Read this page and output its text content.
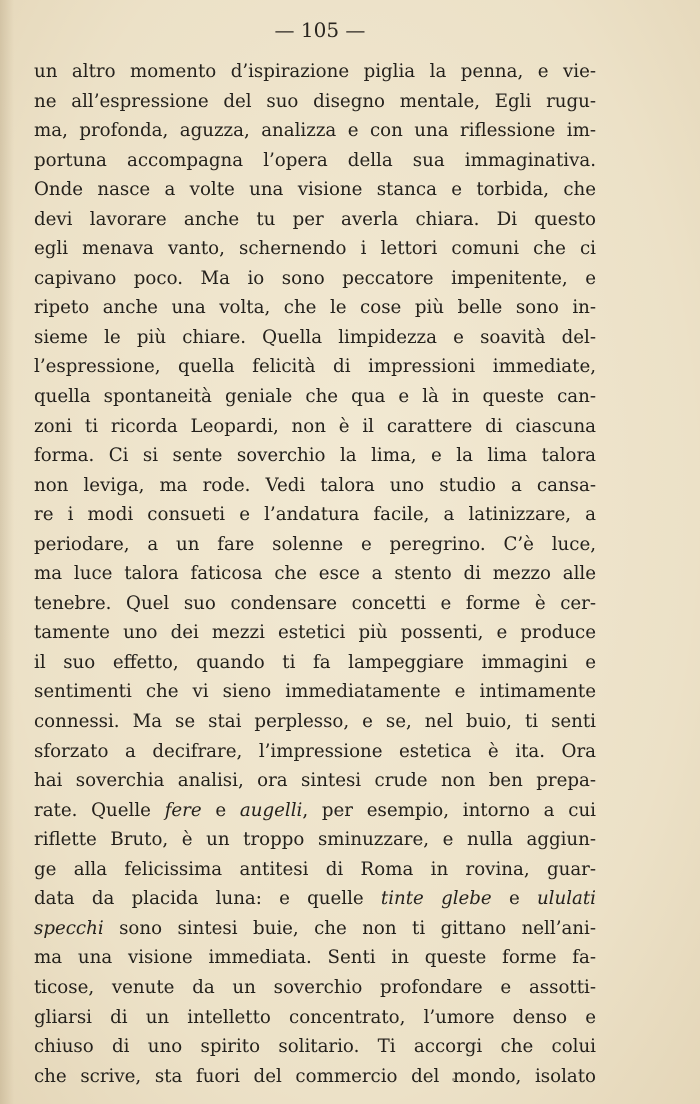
— 105 —
un altro momento d’ispirazione piglia la penna, e vie-
ne all’espressione del suo disegno mentale, Egli rugu-
ma, profonda, aguzza, analizza e con una riflessione im-
portuna accompagna l’opera della sua immaginativa.
Onde nasce a volte una visione stanca e torbida, che
devi lavorare anche tu per averla chiara. Di questo
egli menava vanto, schernendo i lettori comuni che ci
capivano poco. Ma io sono peccatore impenitente, e
ripeto anche una volta, che le cose più belle sono in-
sieme le più chiare. Quella limpidezza e soavità del-
l’espressione, quella felicità di impressioni immediate,
quella spontaneità geniale che qua e là in queste can-
zoni ti ricorda Leopardi, non è il carattere di ciascuna
forma. Ci si sente soverchio la lima, e la lima talora
non leviga, ma rode. Vedi talora uno studio a cansa-
re i modi consueti e l’andatura facile, a latinizzare, a
periodare, a un fare solenne e peregrino. C’è luce,
ma luce talora faticosa che esce a stento di mezzo alle
tenebre. Quel suo condensare concetti e forme è cer-
tamente uno dei mezzi estetici più possenti, e produce
il suo effetto, quando ti fa lampeggiare immagini e
sentimenti che vi sieno immediatamente e intimamente
connessi. Ma se stai perplesso, e se, nel buio, ti senti
sforzato a decifrare, l’impressione estetica è ita. Ora
hai soverchia analisi, ora sintesi crude non ben prepa-
rate. Quelle fere e augelli, per esempio, intorno a cui
riflette Bruto, è un troppo sminuzzare, e nulla aggiun-
ge alla felicissima antitesi di Roma in rovina, guar-
data da placida luna: e quelle tinte glebe e ululati
specchi sono sintesi buie, che non ti gittano nell’ani-
ma una visione immediata. Senti in queste forme fa-
ticose, venute da un soverchio profondare e assotti-
gliarsi di un intelletto concentrato, l’umore denso e
chiuso di uno spirito solitario. Ti accorgi che colui
che scrive, sta fuori del commercio del mondo, isolato
